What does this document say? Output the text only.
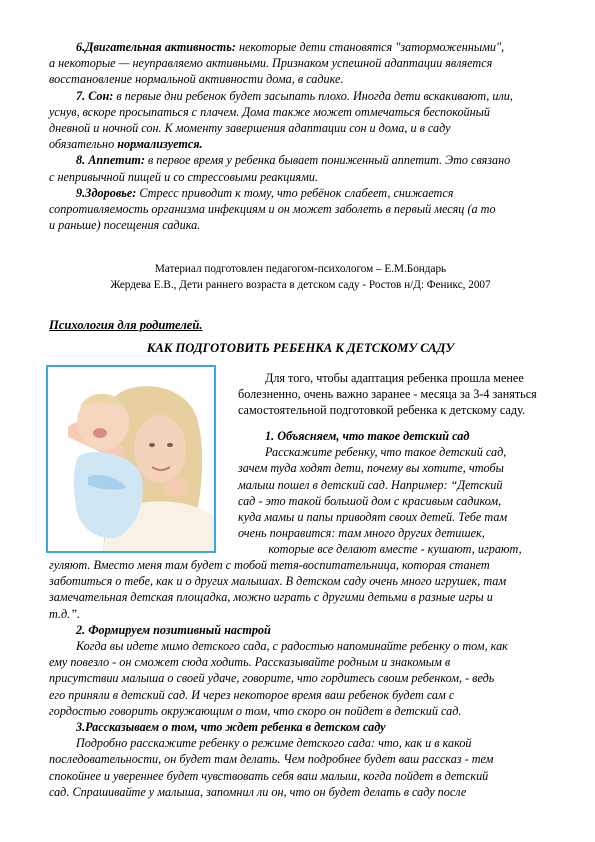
6.Двигательная активность: некоторые дети становятся "заторможенными",

а некоторые — неуправляемо активными. Признаком успешной адаптации является

восстановление нормальной активности дома, в садике.

7. Сон: в первые дни ребенок будет засыпать плохо. Иногда дети вскакивают, или,

уснув, вскоре просыпаться с плачем. Дома также может отмечаться беспокойный

дневной и ночной сон. К моменту завершения адаптации сон и дома, и в саду

обязательно нормализуется.

8. Аппетит: в первое время у ребенка бывает пониженный аппетит. Это связано

с непривычной пищей и со стрессовыми реакциями.

9.Здоровье: Стресс приводит к тому, что ребёнок слабеет, снижается

сопротивляемость организма инфекциям и он может заболеть в первый месяц (а то

и раньше) посещения садика.

Материал подготовлен педагогом-психологом – Е.М.Бондарь
Жердева Е.В., Дети раннего возраста в детском саду - Ростов н/Д: Феникс, 2007
Психология для родителей.
КАК ПОДГОТОВИТЬ РЕБЕНКА К ДЕТСКОМУ САДУ

Для того, чтобы адаптация ребенка прошла менее

болезненно, очень важно заранее - месяца за 3-4 заняться

самостоятельной подготовкой ребенка к детскому саду.

1. Объясняем, что такое детский сад

Расскажите ребенку, что такое детский сад,

зачем туда ходят дети, почему вы хотите, чтобы

малыш пошел в детский сад. Например: “Детский

сад - это такой большой дом с красивым садиком,

куда мамы и папы приводят своих детей. Тебе там

очень понравится: там много других детишек,

которые все делают вместе - кушают, играют,

гуляют. Вместо меня там будет с тобой тетя-воспитательница, которая станет

заботиться о тебе, как и о других малышах. В детском саду очень много игрушек, там

замечательная детская площадка, можно играть с другими детьми в разные игры и

т.д.”.

2. Формируем позитивный настрой

Когда вы идете мимо детского сада, с радостью напоминайте ребенку о том, как

ему повезло - он сможет сюда ходить. Рассказывайте родным и знакомым в

присутствии малыша о своей удаче, говорите, что гордитесь своим ребенком, - ведь

его приняли в детский сад. И через некоторое время ваш ребенок будет сам с

гордостью говорить окружающим о том, что скоро он пойдет в детский сад.

3.Рассказываем о том, что ждет ребенка в детском саду

Подробно расскажите ребенку о режиме детского сада: что, как и в какой

последовательности, он будет там делать. Чем подробнее будет ваш рассказ - тем

спокойнее и увереннее будет чувствовать себя ваш малыш, когда пойдет в детский

сад. Спрашивайте у малыша, запомнил ли он, что он будет делать в саду после
